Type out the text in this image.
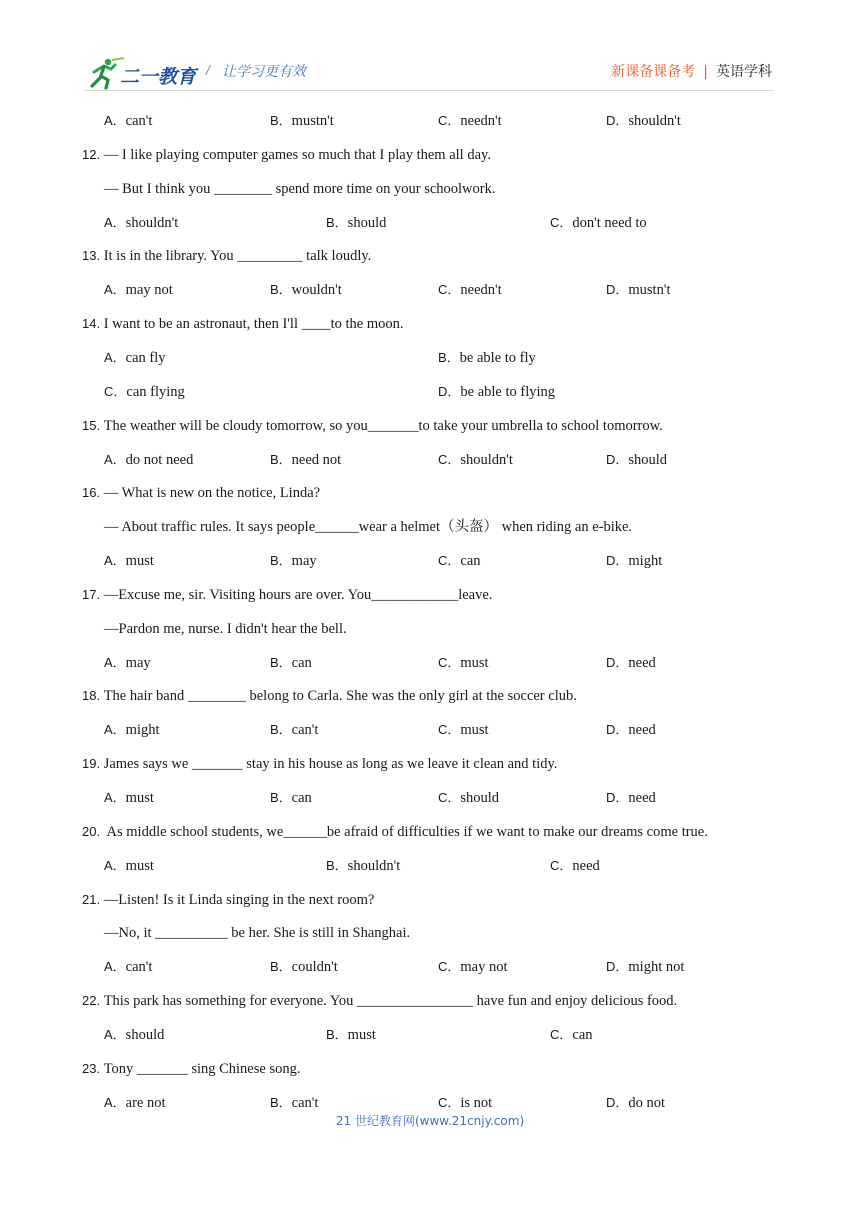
二一教育 / 让学习更有效	新课备课备考 | 英语学科
A．can't	B．mustn't	C．needn't	D．shouldn't
12. — I like playing computer games so much that I play them all day.
— But I think you ________ spend more time on your schoolwork.
A．shouldn't	B．should	C．don't need to
13. It is in the library. You _________ talk loudly.
A．may not	B．wouldn't	C．needn't	D．mustn't
14. I want to be an astronaut, then I'll ____to the moon.
A．can fly	B．be able to fly
C．can flying	D．be able to flying
15. The weather will be cloudy tomorrow, so you_______to take your umbrella to school tomorrow.
A．do not need	B．need not	C．shouldn't	D．should
16. — What is new on the notice, Linda?
— About traffic rules. It says people______wear a helmet（头盔） when riding an e-bike.
A．must	B．may	C．can	D．might
17. —Excuse me, sir. Visiting hours are over. You____________leave.
—Pardon me, nurse. I didn't hear the bell.
A．may	B．can	C．must	D．need
18. The hair band ________ belong to Carla. She was the only girl at the soccer club.
A．might	B．can't	C．must	D．need
19. James says we _______ stay in his house as long as we leave it clean and tidy.
A．must	B．can	C．should	D．need
20.  As middle school students, we______be afraid of difficulties if we want to make our dreams come true.
A．must	B．shouldn't	C．need
21. —Listen! Is it Linda singing in the next room?
—No, it __________ be her. She is still in Shanghai.
A．can't	B．couldn't	C．may not	D．might not
22. This park has something for everyone. You ________________ have fun and enjoy delicious food.
A．should	B．must	C．can
23. Tony _______ sing Chinese song.
A．are not	B．can't	C．is not	D．do not
21 世纪教育网(www.21cnjy.com)
